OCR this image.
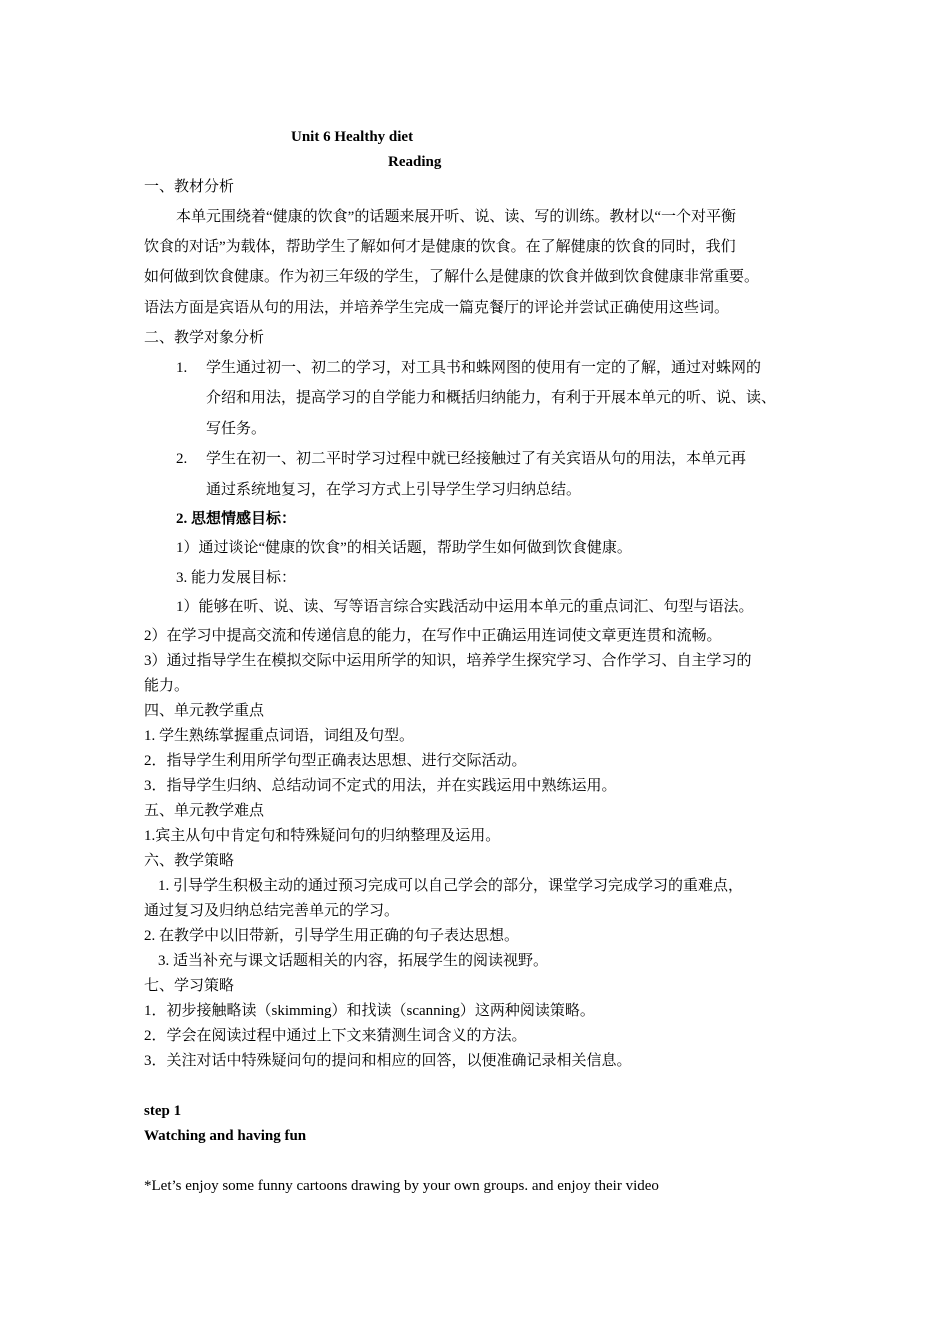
Unit 6 Healthy diet
Reading
一、教材分析
本单元围绕着“健康的饮食”的话题来展开听、说、读、写的训练。教材以“一个对平衡
饮食的对话”为载体，帮助学生了解如何才是健康的饮食。在了解健康的饮食的同时，我们
如何做到饮食健康。作为初三年级的学生，了解什么是健康的饮食并做到饮食健康非常重要。
语法方面是宾语从句的用法，并培养学生完成一篇克餐厅的评论并尝试正确使用这些词。
二、教学对象分析
1. 学生通过初一、初二的学习，对工具书和蛛网图的使用有一定的了解，通过对蛛网的
介绍和用法，提高学习的自学能力和概括归纳能力，有利于开展本单元的听、说、读、
写任务。
2. 学生在初一、初二平时学习过程中就已经接触过了有关宾语从句的用法，本单元再
通过系统地复习，在学习方式上引导学生学习归纳总结。
2. 思想情感目标：
1）通过谈论“健康的饮食”的相关话题，帮助学生如何做到饮食健康。
3. 能力发展目标：
1）能够在听、说、读、写等语言综合实践活动中运用本单元的重点词汇、句型与语法。
2）在学习中提高交流和传递信息的能力，在写作中正确运用连词使文章更连贯和流畅。
3）通过指导学生在模拟交际中运用所学的知识，培养学生探究学习、合作学习、自主学习的
能力。
四、单元教学重点
1. 学生熟练掌握重点词语，词组及句型。
2．指导学生利用所学句型正确表达思想、进行交际活动。
3．指导学生归纳、总结动词不定式的用法，并在实践运用中熟练运用。
五、单元教学难点
1.宾主从句中肯定句和特殊疑问句的归纳整理及运用。
六、教学策略
1. 引导学生积极主动的通过预习完成可以自己学会的部分，课堂学习完成学习的重难点，
通过复习及归纳总结完善单元的学习。
2. 在教学中以旧带新，引导学生用正确的句子表达思想。
3. 适当补充与课文话题相关的内容，拓展学生的阅读视野。
七、学习策略
1．初步接触略读（skimming）和找读（scanning）这两种阅读策略。
2．学会在阅读过程中通过上下文来猜测生词含义的方法。
3．关注对话中特殊疑问句的提问和相应的回答，以便准确记录相关信息。
step 1
Watching and having fun
*Let’s enjoy some funny cartoons drawing by your own groups. and enjoy their video
